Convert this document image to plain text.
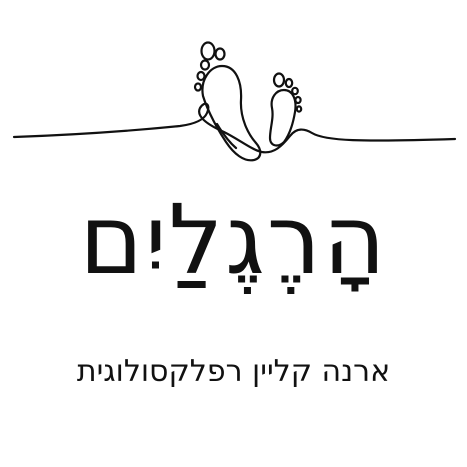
הָרֶגֶלַיִם
ארנה קליין רפלקסולוגית
